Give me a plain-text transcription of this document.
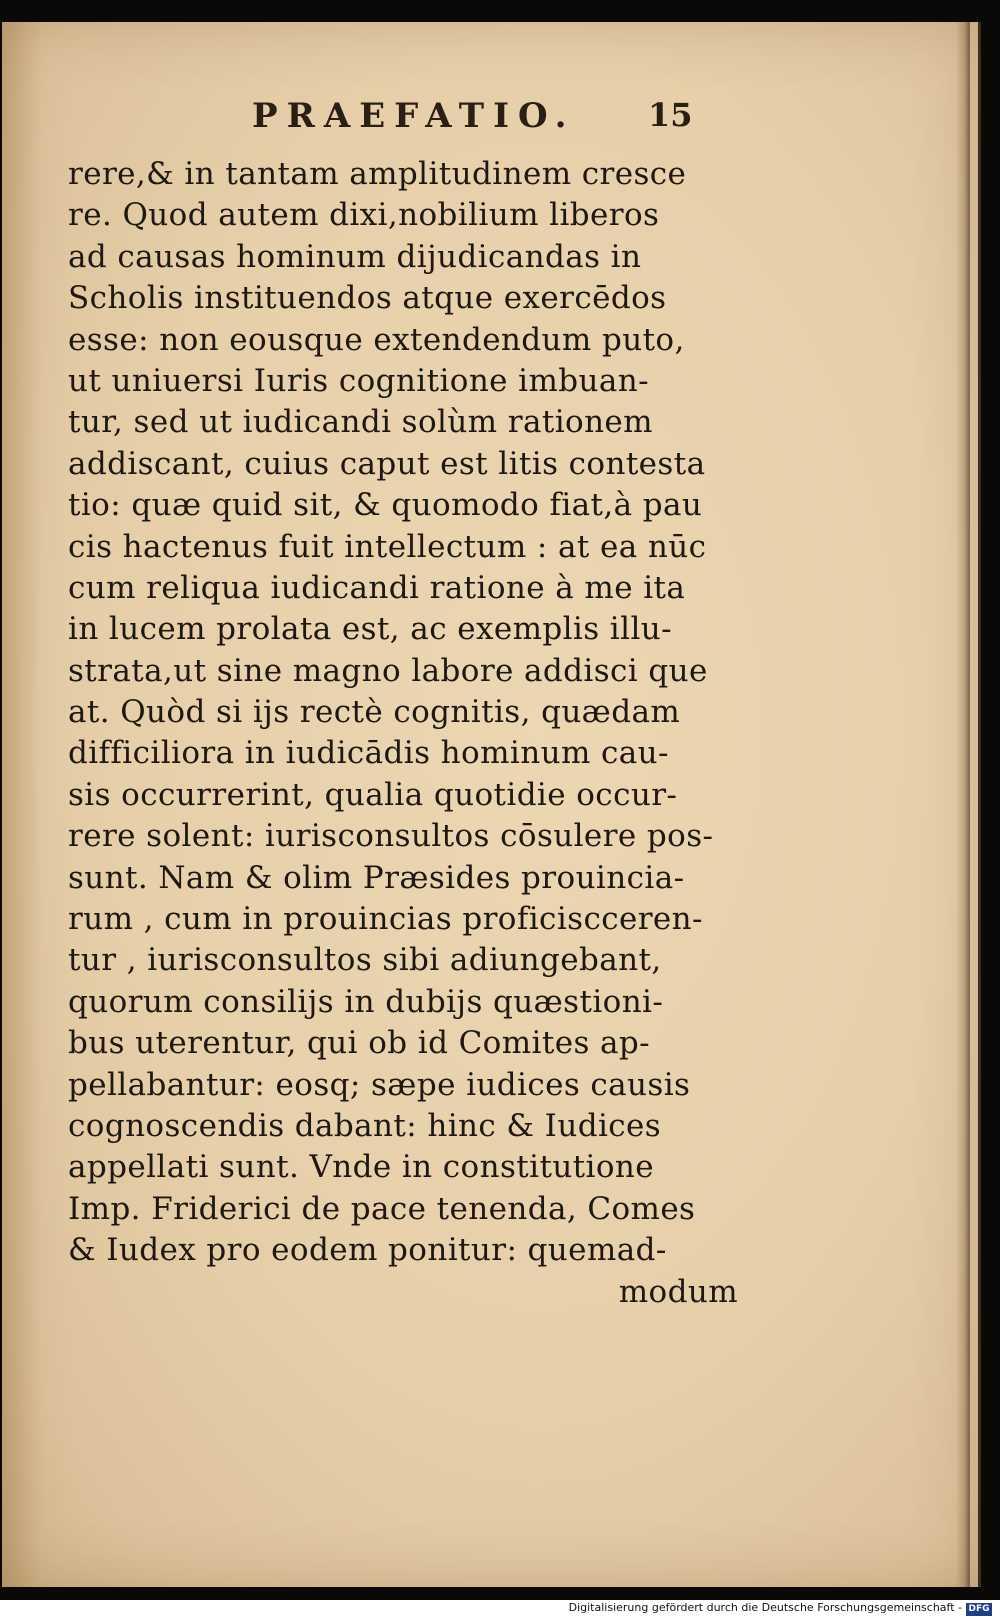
PRAEFATIO. 15
rere,& in tantam amplitudinem cresce
re. Quod autem dixi,nobilium liberos
ad causas hominum dijudicandas in
Scholis instituendos atque exercēdos
esse: non eousque extendendum puto,
ut uniuersi Iuris cognitione imbuan-
tur, sed ut iudicandi solùm rationem
addiscant, cuius caput est litis contesta
tio: quæ quid sit, & quomodo fiat,à pau
cis hactenus fuit intellectum : at ea nūc
cum reliqua iudicandi ratione à me ita
in lucem prolata est, ac exemplis illu-
strata,ut sine magno labore addisci que
at. Quòd si ijs rectè cognitis, quædam
difficiliora in iudicādis hominum cau-
sis occurrerint, qualia quotidie occur-
rere solent: iurisconsultos cōsulere pos-
sunt. Nam & olim Præsides prouincia-
rum , cum in prouincias proficiscceren-
tur , iurisconsultos sibi adiungebant,
quorum consilijs in dubijs quæstioni-
bus uterentur, qui ob id Comites ap-
pellabantur: eosq; sæpe iudices causis
cognoscendis dabant: hinc & Iudices
appellati sunt. Vnde in constitutione
Imp. Friderici de pace tenenda, Comes
& Iudex pro eodem ponitur: quemad-
modum
Digitalisierung gefördert durch die Deutsche Forschungsgemeinschaft - DFG
